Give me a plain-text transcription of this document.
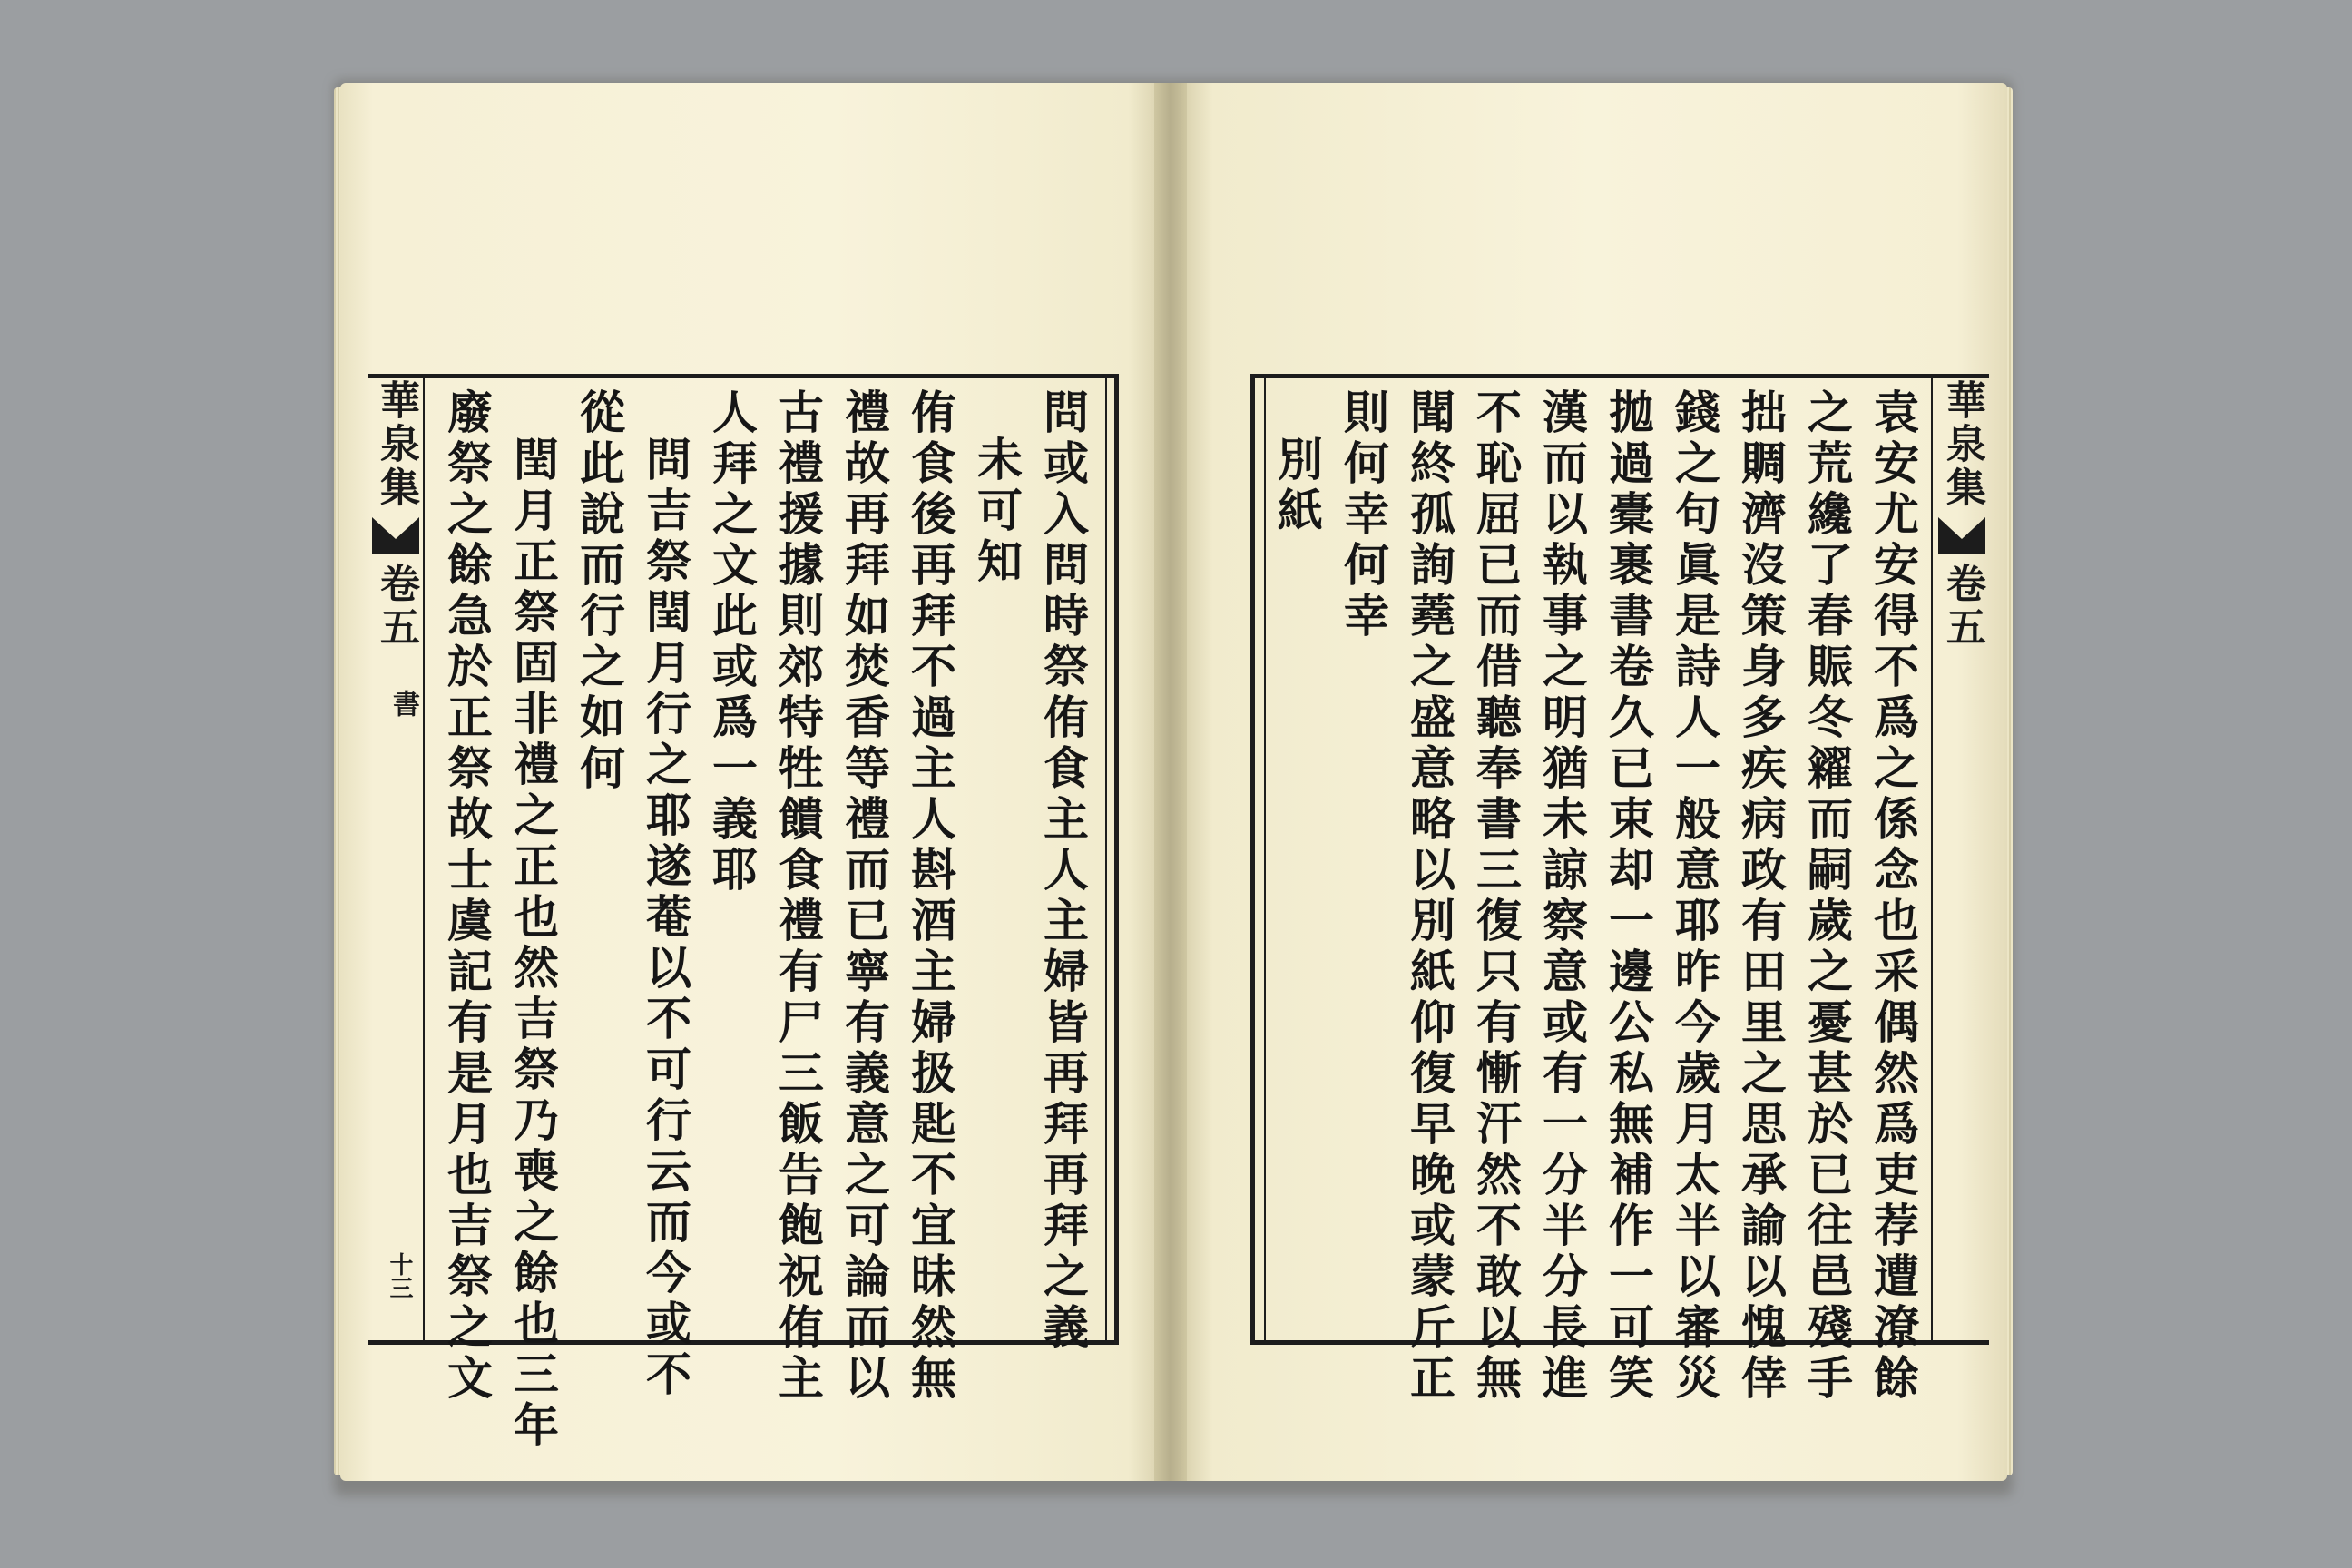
華泉集
卷五
書
十三	問或入問時祭侑食主人主婦皆再拜再拜之義
未可知
侑食後再拜不過主人斟酒主婦扱匙不宜昧然無
禮故再拜如焚香等禮而已寧有義意之可論而以
古禮援據則郊特牲饋食禮有尸三飯告飽祝侑主
人拜之文此或爲一義耶
問吉祭閏月行之耶遂菴以不可行云而今或不
從此說而行之如何
閏月正祭固非禮之正也然吉祭乃喪之餘也三年
廢祭之餘急於正祭故士虞記有是月也吉祭之文	華泉集
卷五
袁安尤安得不爲之係念也采偶然爲吏荐遭潦餘
之荒纔了春賑冬糴而嗣歲之憂甚於已往邑殘手
拙賙濟沒策身多疾病政有田里之思承諭以愧倖
錢之句眞是詩人一般意耶昨今歲月太半以審災
拋過橐裹書卷久已束却一邊公私無補作一可笑
漢而以執事之明猶未諒察意或有一分半分長進
不恥屈已而借聽奉書三復只有慚汗然不敢以無
聞終孤詢蕘之盛意略以別紙仰復早晚或蒙斤正
則何幸何幸
別紙
